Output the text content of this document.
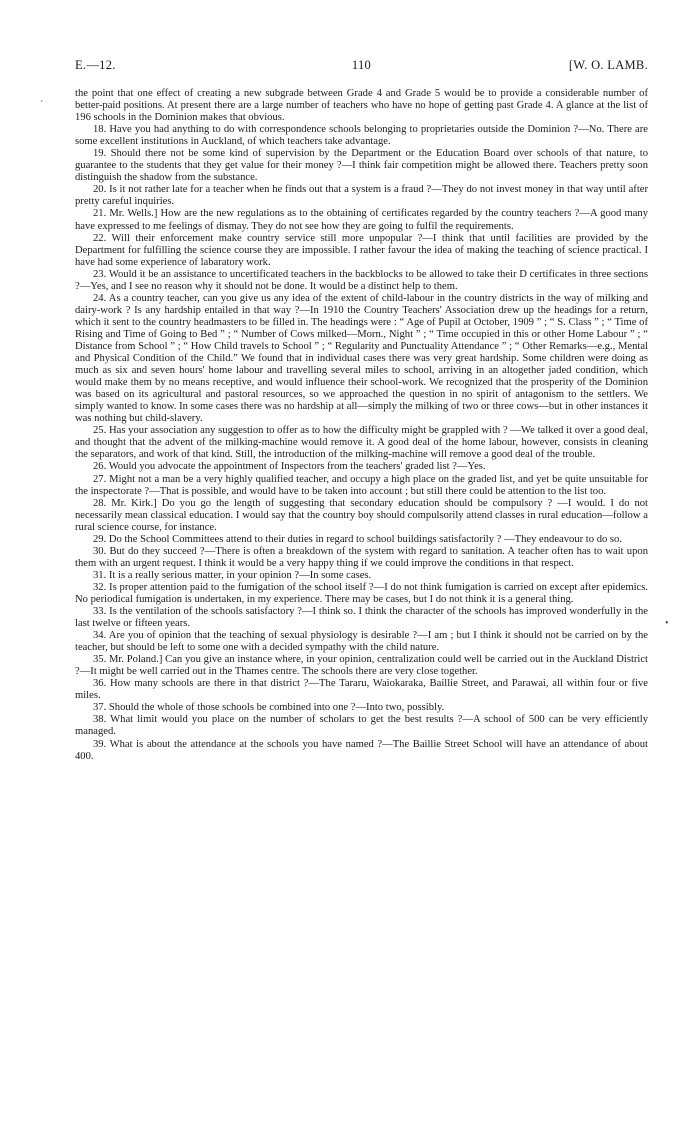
E.—12.	110	[W. O. LAMB.

the point that one effect of creating a new subgrade between Grade 4 and Grade 5 would be to provide a considerable number of better-paid positions. At present there are a large number of teachers who have no hope of getting past Grade 4. A glance at the list of 196 schools in the Dominion makes that obvious.

18. Have you had anything to do with correspondence schools belonging to proprietaries outside the Dominion ?—No. There are some excellent institutions in Auckland, of which teachers take advantage.

19. Should there not be some kind of supervision by the Department or the Education Board over schools of that nature, to guarantee to the students that they get value for their money ?—I think fair competition might be allowed there. Teachers pretty soon distinguish the shadow from the substance.

20. Is it not rather late for a teacher when he finds out that a system is a fraud ?—They do not invest money in that way until after pretty careful inquiries.

21. Mr. Wells.] How are the new regulations as to the obtaining of certificates regarded by the country teachers ?—A good many have expressed to me feelings of dismay. They do not see how they are going to fulfil the requirements.

22. Will their enforcement make country service still more unpopular ?—I think that until facilities are provided by the Department for fulfilling the science course they are impossible. I rather favour the idea of making the teaching of science practical. I have had some experience of labaratory work.

23. Would it be an assistance to uncertificated teachers in the backblocks to be allowed to take their D certificates in three sections ?—Yes, and I see no reason why it should not be done. It would be a distinct help to them.

24. As a country teacher, can you give us any idea of the extent of child-labour in the country districts in the way of milking and dairy-work ? Is any hardship entailed in that way ?—In 1910 the Country Teachers' Association drew up the headings for a return, which it sent to the country headmasters to be filled in. The headings were : “ Age of Pupil at October, 1909 ” ; “ S. Class ” ; “ Time of Rising and Time of Going to Bed ” ; “ Number of Cows milked—Morn., Night ” ; “ Time occupied in this or other Home Labour ” ; “ Distance from School ” ; “ How Child travels to School ” ; “ Regularity and Punctuality Attendance ” ; “ Other Remarks—e.g., Mental and Physical Condition of the Child.” We found that in individual cases there was very great hardship. Some children were doing as much as six and seven hours' home labour and travelling several miles to school, arriving in an altogether jaded condition, which would make them by no means receptive, and would influence their school-work. We recognized that the prosperity of the Dominion was based on its agricultural and pastoral resources, so we approached the question in no spirit of antagonism to the settlers. We simply wanted to know. In some cases there was no hardship at all—simply the milking of two or three cows—but in other instances it was nothing but child-slavery.

25. Has your association any suggestion to offer as to how the difficulty might be grappled with ? —We talked it over a good deal, and thought that the advent of the milking-machine would remove it. A good deal of the home labour, however, consists in cleaning the separators, and work of that kind. Still, the introduction of the milking-machine will remove a good deal of the trouble.

26. Would you advocate the appointment of Inspectors from the teachers' graded list ?—Yes.

27. Might not a man be a very highly qualified teacher, and occupy a high place on the graded list, and yet be quite unsuitable for the inspectorate ?—That is possible, and would have to be taken into account ; but still there could be attention to the list too.

28. Mr. Kirk.] Do you go the length of suggesting that secondary education should be compulsory ? —I would. I do not necessarily mean classical education. I would say that the country boy should compulsorily attend classes in rural education—follow a rural science course, for instance.

29. Do the School Committees attend to their duties in regard to school buildings satisfactorily ? —They endeavour to do so.

30. But do they succeed ?—There is often a breakdown of the system with regard to sanitation. A teacher often has to wait upon them with an urgent request. I think it would be a very happy thing if we could improve the conditions in that respect.

31. It is a really serious matter, in your opinion ?—In some cases.

32. Is proper attention paid to the fumigation of the school itself ?—I do not think fumigation is carried on except after epidemics. No periodical fumigation is undertaken, in my experience. There may be cases, but I do not think it is a general thing.

33. Is the ventilation of the schools satisfactory ?—I think so. I think the character of the schools has improved wonderfully in the last twelve or fifteen years.

34. Are you of opinion that the teaching of sexual physiology is desirable ?—I am ; but I think it should not be carried on by the teacher, but should be left to some one with a decided sympathy with the child nature.

35. Mr. Poland.] Can you give an instance where, in your opinion, centralization could well be carried out in the Auckland District ?—It might be well carried out in the Thames centre. The schools there are very close together.

36. How many schools are there in that district ?—The Tararu, Waiokaraka, Baillie Street, and Parawai, all within four or five miles.

37. Should the whole of those schools be combined into one ?—Into two, possibly.

38. What limit would you place on the number of scholars to get the best results ?—A school of 500 can be very efficiently managed.

39. What is about the attendance at the schools you have named ?—The Baillie Street School will have an attendance of about 400.

´
•
